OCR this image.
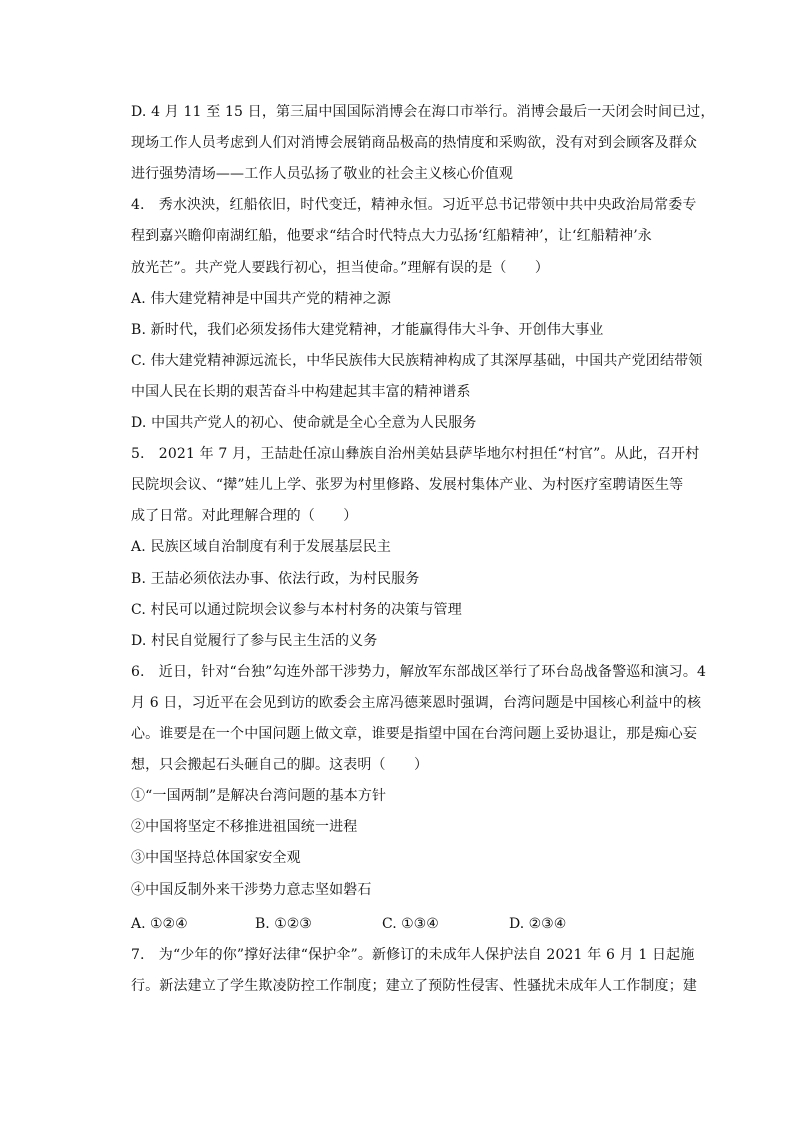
D. 4 月 11 至 15 日，第三届中国国际消博会在海口市举行。消博会最后一天闭会时间已过，
现场工作人员考虑到人们对消博会展销商品极高的热情度和采购欲，没有对到会顾客及群众
进行强势清场——工作人员弘扬了敬业的社会主义核心价值观
4.　秀水泱泱，红船依旧，时代变迁，精神永恒。习近平总书记带领中共中央政治局常委专
程到嘉兴瞻仰南湖红船，他要求“结合时代特点大力弘扬‘红船精神’，让‘红船精神’永
放光芒”。共产党人要践行初心，担当使命。”理解有误的是（　　）
A. 伟大建党精神是中国共产党的精神之源
B. 新时代，我们必须发扬伟大建党精神，才能赢得伟大斗争、开创伟大事业
C. 伟大建党精神源远流长，中华民族伟大民族精神构成了其深厚基础，中国共产党团结带领
中国人民在长期的艰苦奋斗中构建起其丰富的精神谱系
D. 中国共产党人的初心、使命就是全心全意为人民服务
5.　2021 年 7 月，王喆赴任凉山彝族自治州美姑县萨毕地尔村担任“村官”。从此，召开村
民院坝会议、“撵”娃儿上学、张罗为村里修路、发展村集体产业、为村医疗室聘请医生等
成了日常。对此理解合理的（　　）
A. 民族区域自治制度有利于发展基层民主
B. 王喆必须依法办事、依法行政，为村民服务
C. 村民可以通过院坝会议参与本村村务的决策与管理
D. 村民自觉履行了参与民主生活的义务
6.　近日，针对“台独”勾连外部干涉势力，解放军东部战区举行了环台岛战备警巡和演习。4
月 6 日，习近平在会见到访的欧委会主席冯德莱恩时强调，台湾问题是中国核心利益中的核
心。谁要是在一个中国问题上做文章，谁要是指望中国在台湾问题上妥协退让，那是痴心妄
想，只会搬起石头砸自己的脚。这表明（　　）
①“一国两制”是解决台湾问题的基本方针
②中国将坚定不移推进祖国统一进程
③中国坚持总体国家安全观
④中国反制外来干涉势力意志坚如磐石
A. ①②④	B. ①②③	C. ①③④	D. ②③④
7.　为“少年的你”撑好法律“保护伞”。新修订的未成年人保护法自 2021 年 6 月 1 日起施
行。新法建立了学生欺凌防控工作制度；建立了预防性侵害、性骚扰未成年人工作制度；建
